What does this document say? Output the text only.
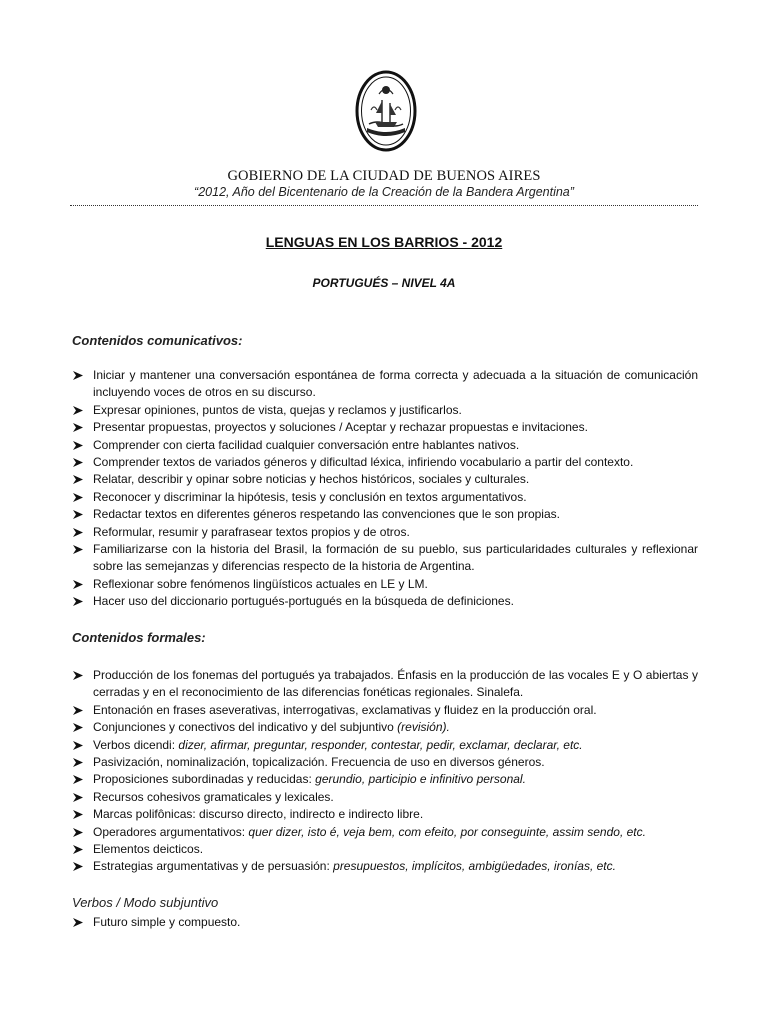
GOBIERNO DE LA CIUDAD DE BUENOS AIRES
“2012, Año del Bicentenario de la Creación de la Bandera Argentina”
LENGUAS EN LOS BARRIOS - 2012
PORTUGUÉS – NIVEL 4A
Contenidos comunicativos:
Iniciar y mantener una conversación espontánea de forma correcta y adecuada a la situación de comunicación incluyendo voces de otros en su discurso.
Expresar opiniones, puntos de vista, quejas y reclamos y justificarlos.
Presentar propuestas, proyectos y soluciones / Aceptar y rechazar propuestas e invitaciones.
Comprender con cierta facilidad cualquier conversación entre hablantes nativos.
Comprender textos de variados géneros y dificultad léxica, infiriendo vocabulario a partir del contexto.
Relatar, describir y opinar sobre noticias y hechos históricos, sociales y culturales.
Reconocer y discriminar la hipótesis, tesis y conclusión en textos argumentativos.
Redactar textos en diferentes géneros respetando las convenciones que le son propias.
Reformular, resumir y parafrasear textos propios y de otros.
Familiarizarse con la historia del Brasil, la formación de su pueblo, sus particularidades culturales y reflexionar sobre las semejanzas y diferencias respecto de la historia de Argentina.
Reflexionar sobre fenómenos lingüísticos actuales en LE y LM.
Hacer uso del diccionario portugués-portugués en la búsqueda de definiciones.
Contenidos formales:
Producción de los fonemas del portugués ya trabajados. Énfasis en la producción de las vocales E y O abiertas y cerradas y en el reconocimiento de las diferencias fonéticas regionales. Sinalefa.
Entonación en frases aseverativas, interrogativas, exclamativas y fluidez en la producción oral.
Conjunciones y conectivos del indicativo y del subjuntivo (revisión).
Verbos dicendi: dizer, afirmar, preguntar, responder, contestar, pedir, exclamar, declarar, etc.
Pasivización, nominalización, topicalización. Frecuencia de uso en diversos géneros.
Proposiciones subordinadas y reducidas: gerundio, participio e infinitivo personal.
Recursos cohesivos gramaticales y lexicales.
Marcas polifônicas: discurso directo, indirecto e indirecto libre.
Operadores argumentativos: quer dizer, isto é, veja bem, com efeito, por conseguinte, assim sendo, etc.
Elementos deicticos.
Estrategias argumentativas y de persuasión: presupuestos, implícitos, ambigüedades, ironías, etc.
Verbos / Modo subjuntivo
Futuro simple y compuesto.
